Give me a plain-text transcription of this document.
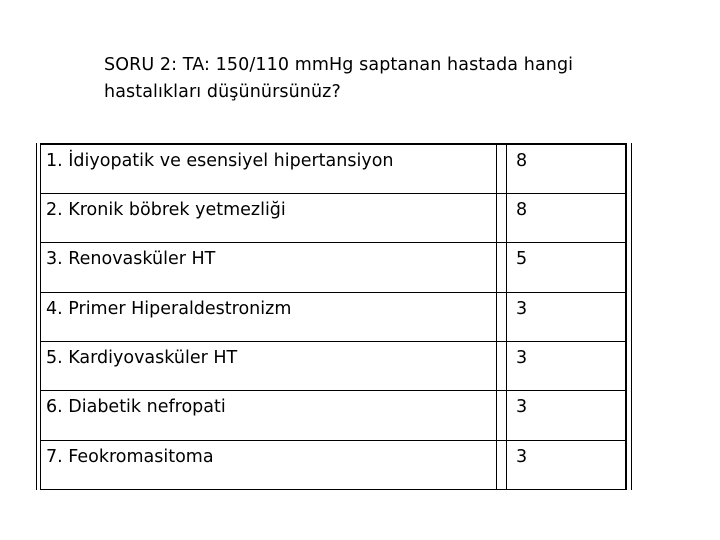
SORU 2: TA: 150/110 mmHg saptanan hastada hangi
hastalıkları düşünürsünüz?
1. İdiyopatik ve esensiyel hipertansiyon		8
2. Kronik böbrek yetmezliği		8
3. Renovasküler HT		5
4. Primer Hiperaldestronizm		3
5. Kardiyovasküler HT		3
6. Diabetik nefropati		3
7. Feokromasitoma		3
